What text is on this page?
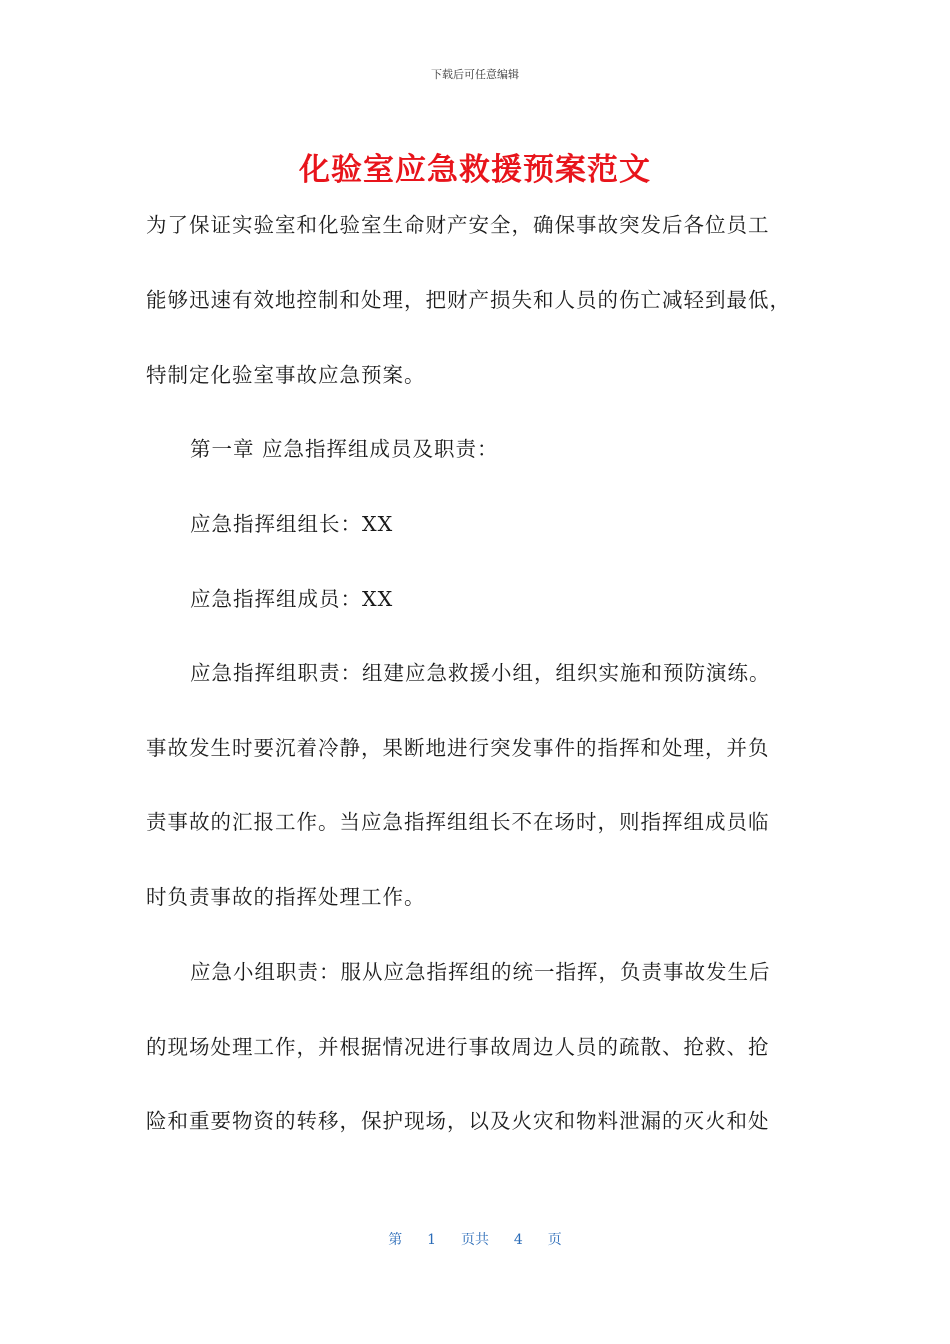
下载后可任意编辑
化验室应急救援预案范文
为了保证实验室和化验室生命财产安全，确保事故突发后各位员工
能够迅速有效地控制和处理，把财产损失和人员的伤亡减轻到最低，
特制定化验室事故应急预案。
第一章 应急指挥组成员及职责：
应急指挥组组长：XX
应急指挥组成员：XX
应急指挥组职责：组建应急救援小组，组织实施和预防演练。
事故发生时要沉着冷静，果断地进行突发事件的指挥和处理，并负
责事故的汇报工作。当应急指挥组组长不在场时，则指挥组成员临
时负责事故的指挥处理工作。
应急小组职责：服从应急指挥组的统一指挥，负责事故发生后
的现场处理工作，并根据情况进行事故周边人员的疏散、抢救、抢
险和重要物资的转移，保护现场，以及火灾和物料泄漏的灭火和处
第 1 页共 4 页
